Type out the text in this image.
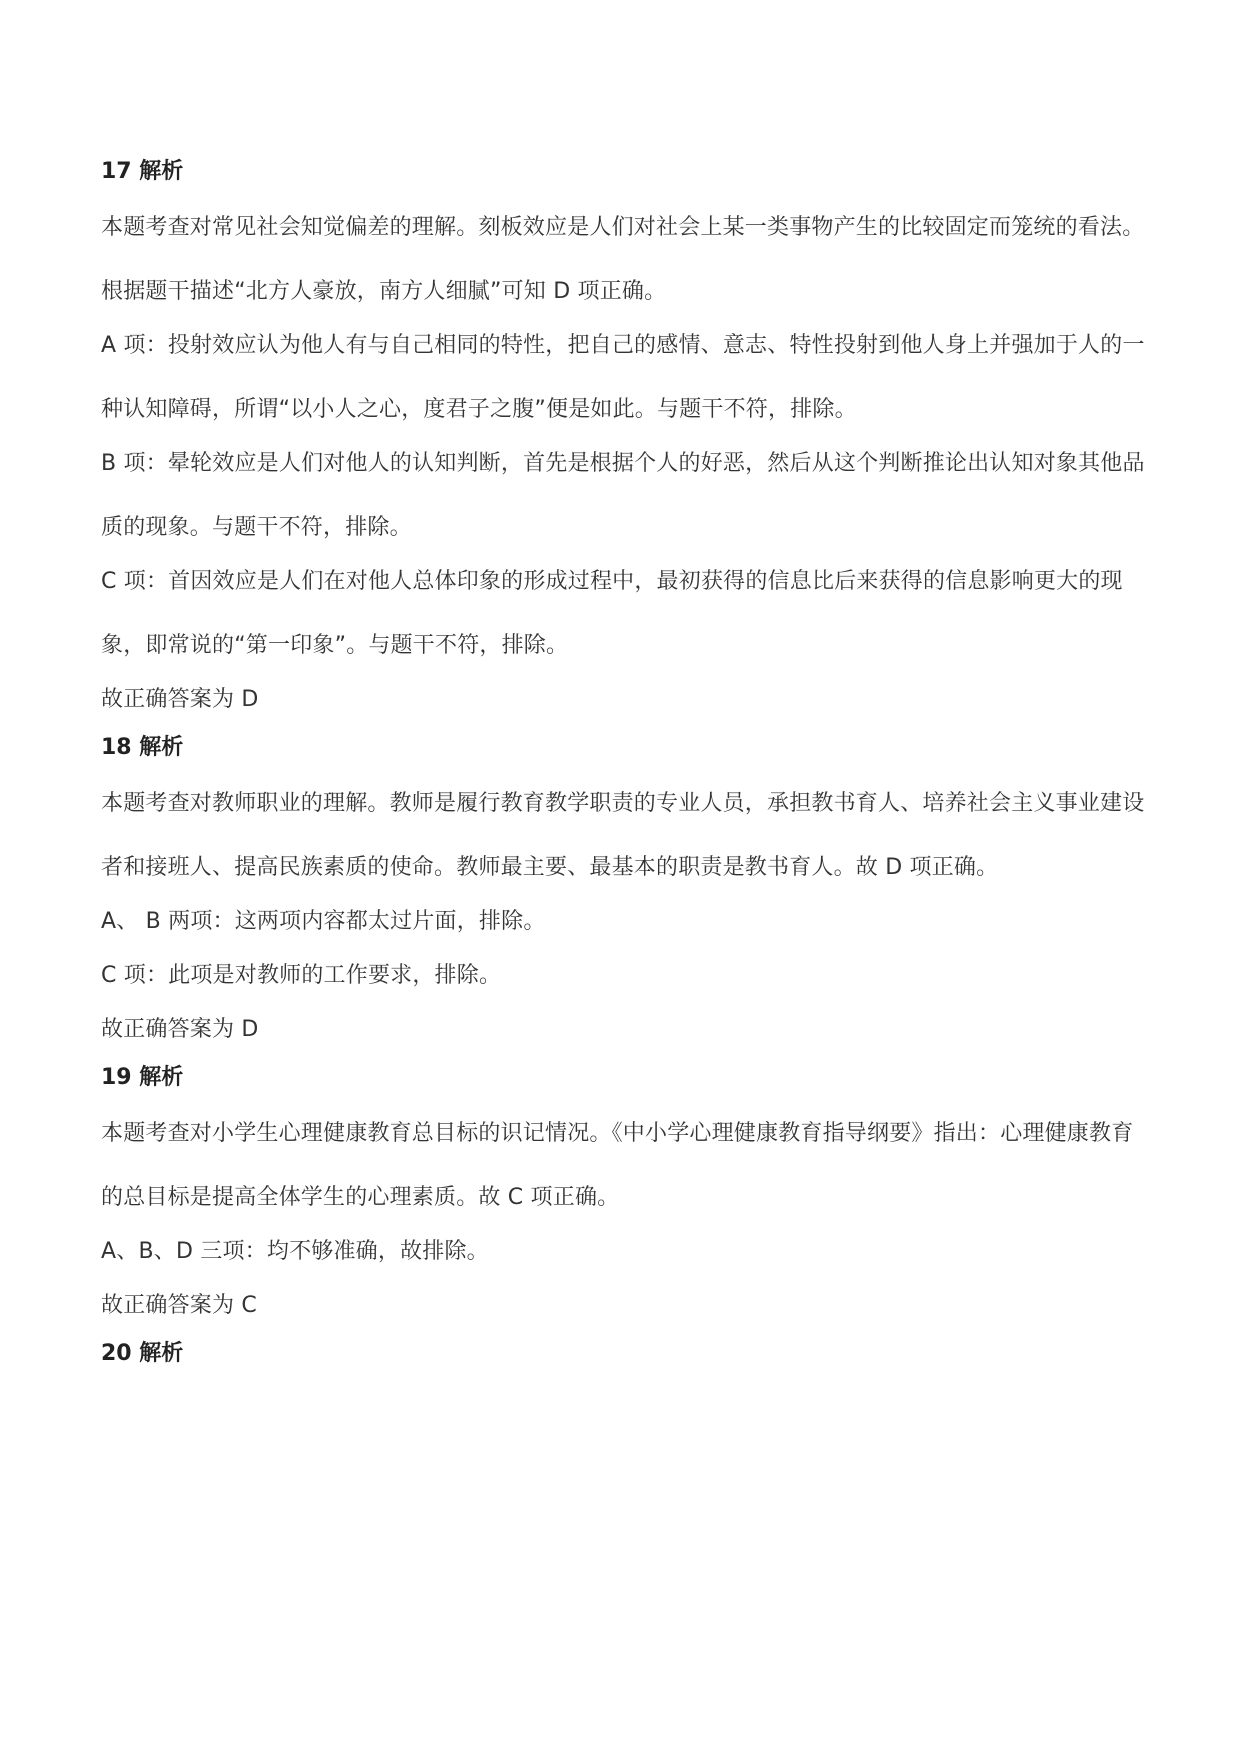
17 解析

本题考查对常见社会知觉偏差的理解。刻板效应是人们对社会上某一类事物产生的比较固定而笼统的看法。根据题干描述“北方人豪放，南方人细腻”可知 D 项正确。

A 项：投射效应认为他人有与自己相同的特性，把自己的感情、意志、特性投射到他人身上并强加于人的一种认知障碍，所谓“以小人之心，度君子之腹”便是如此。与题干不符，排除。

B 项：晕轮效应是人们对他人的认知判断，首先是根据个人的好恶，然后从这个判断推论出认知对象其他品质的现象。与题干不符，排除。

C 项：首因效应是人们在对他人总体印象的形成过程中，最初获得的信息比后来获得的信息影响更大的现象，即常说的“第一印象”。与题干不符，排除。

故正确答案为 D

18 解析

本题考查对教师职业的理解。教师是履行教育教学职责的专业人员，承担教书育人、培养社会主义事业建设者和接班人、提高民族素质的使命。教师最主要、最基本的职责是教书育人。故 D 项正确。

A、 B 两项：这两项内容都太过片面，排除。

C 项：此项是对教师的工作要求，排除。

故正确答案为 D

19 解析

本题考查对小学生心理健康教育总目标的识记情况。《中小学心理健康教育指导纲要》指出：心理健康教育的总目标是提高全体学生的心理素质。故 C 项正确。

A、B、D 三项：均不够准确，故排除。

故正确答案为 C

20 解析
